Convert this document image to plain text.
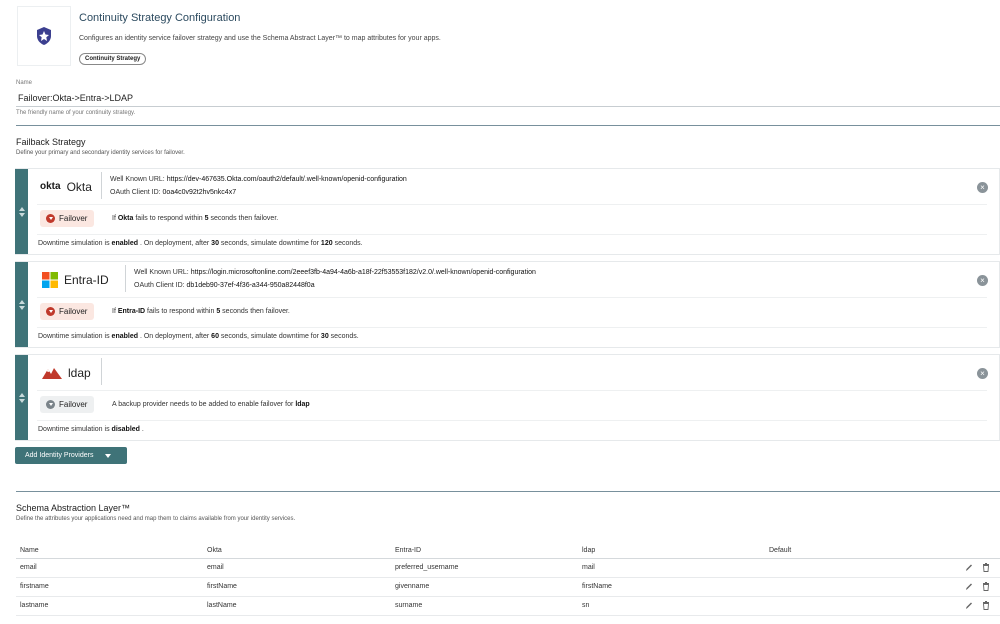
Continuity Strategy Configuration
Configures an identity service failover strategy and use the Schema Abstract Layer™ to map attributes for your apps.
Continuity Strategy
Name
Failover:Okta->Entra->LDAP
The friendly name of your continuity strategy.
Failback Strategy
Define your primary and secondary identity services for failover.
okta Okta	Well Known URL: https://dev-467635.Okta.com/oauth2/default/.well-known/openid-configuration
OAuth Client ID: 0oa4c0v92t2hv5nkc4x7
×
Failover	If Okta fails to respond within 5 seconds then failover.
Downtime simulation is enabled . On deployment, after 30 seconds, simulate downtime for 120 seconds.
Entra-ID	Well Known URL: https://login.microsoftonline.com/2eeef3fb-4a94-4a6b-a18f-22f53553f182/v2.0/.well-known/openid-configuration
OAuth Client ID: db1deb90-37ef-4f36-a344-950a82448f0a
×
Failover	If Entra-ID fails to respond within 5 seconds then failover.
Downtime simulation is enabled . On deployment, after 60 seconds, simulate downtime for 30 seconds.
ldap	×
Failover	A backup provider needs to be added to enable failover for ldap
Downtime simulation is disabled .
Add Identity Providers
Schema Abstraction Layer™
Define the attributes your applications need and map them to claims available from your identity services.
Name	Okta	Entra-ID	ldap	Default
email	email	preferred_username	mail
firstname	firstName	givenname	firstName
lastname	lastName	surname	sn
